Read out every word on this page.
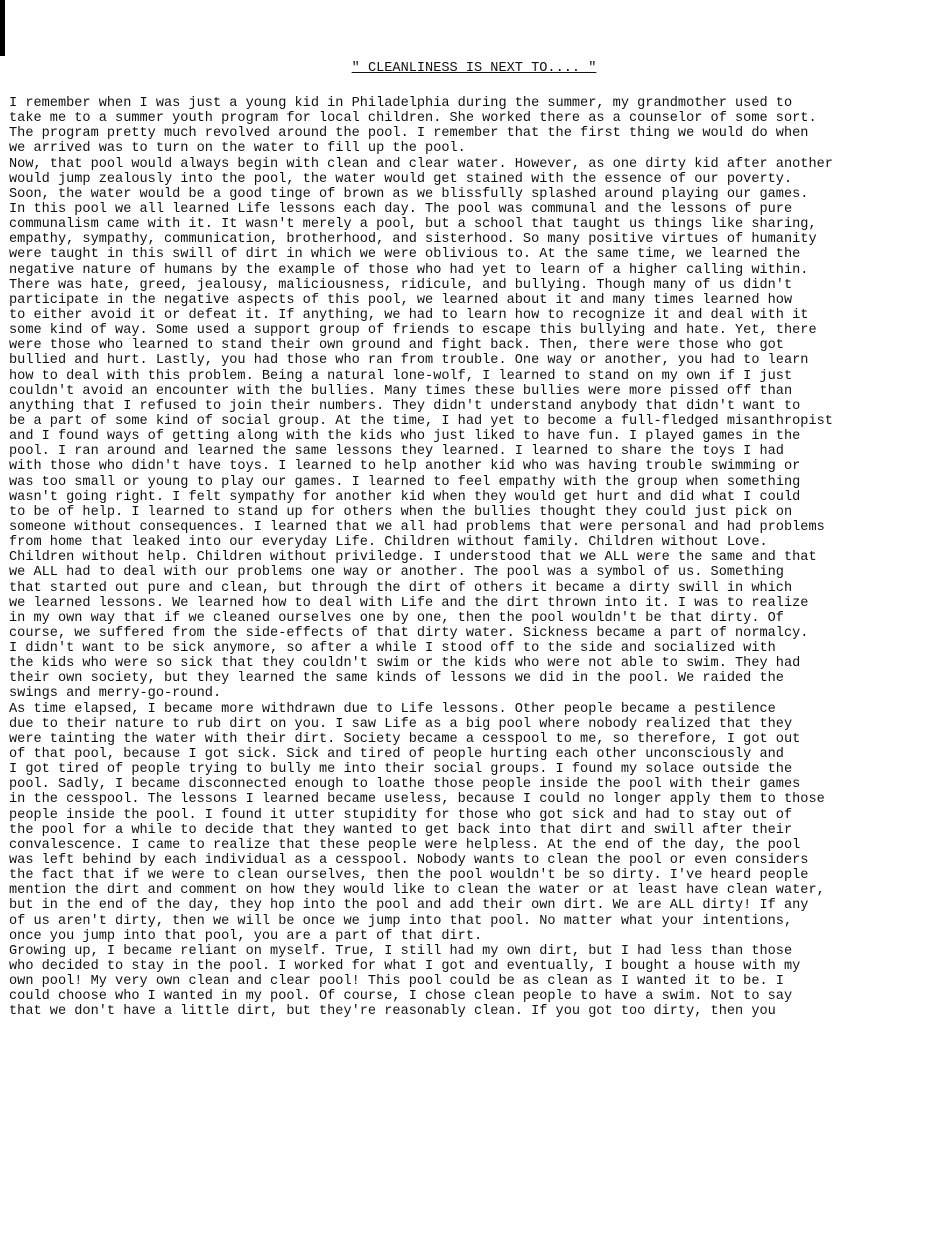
" CLEANLINESS IS NEXT TO.... "
I remember when I was just a young kid in Philadelphia during the summer, my grandmother used to
take me to a summer youth program for local children. She worked there as a counselor of some sort.
The program pretty much revolved around the pool. I remember that the first thing we would do when
we arrived was to turn on the water to fill up the pool.
Now, that pool would always begin with clean and clear water. However, as one dirty kid after another
would jump zealously into the pool, the water would get stained with the essence of our poverty.
Soon, the water would be a good tinge of brown as we blissfully splashed around playing our games.
In this pool we all learned Life lessons each day. The pool was communal and the lessons of pure
communalism came with it. It wasn't merely a pool, but a school that taught us things like sharing,
empathy, sympathy, communication, brotherhood, and sisterhood. So many positive virtues of humanity
were taught in this swill of dirt in which we were oblivious to. At the same time, we learned the
negative nature of humans by the example of those who had yet to learn of a higher calling within.
There was hate, greed, jealousy, maliciousness, ridicule, and bullying. Though many of us didn't
participate in the negative aspects of this pool, we learned about it and many times learned how
to either avoid it or defeat it. If anything, we had to learn how to recognize it and deal with it
some kind of way. Some used a support group of friends to escape this bullying and hate. Yet, there
were those who learned to stand their own ground and fight back. Then, there were those who got
bullied and hurt. Lastly, you had those who ran from trouble. One way or another, you had to learn
how to deal with this problem. Being a natural lone-wolf, I learned to stand on my own if I just
couldn't avoid an encounter with the bullies. Many times these bullies were more pissed off than
anything that I refused to join their numbers. They didn't understand anybody that didn't want to
be a part of some kind of social group. At the time, I had yet to become a full-fledged misanthropist
and I found ways of getting along with the kids who just liked to have fun. I played games in the
pool. I ran around and learned the same lessons they learned. I learned to share the toys I had
with those who didn't have toys. I learned to help another kid who was having trouble swimming or
was too small or young to play our games. I learned to feel empathy with the group when something
wasn't going right. I felt sympathy for another kid when they would get hurt and did what I could
to be of help. I learned to stand up for others when the bullies thought they could just pick on
someone without consequences. I learned that we all had problems that were personal and had problems
from home that leaked into our everyday Life. Children without family. Children without Love.
Children without help. Children without priviledge. I understood that we ALL were the same and that
we ALL had to deal with our problems one way or another. The pool was a symbol of us. Something
that started out pure and clean, but through the dirt of others it became a dirty swill in which
we learned lessons. We learned how to deal with Life and the dirt thrown into it. I was to realize
in my own way that if we cleaned ourselves one by one, then the pool wouldn't be that dirty. Of
course, we suffered from the side-effects of that dirty water. Sickness became a part of normalcy.
I didn't want to be sick anymore, so after a while I stood off to the side and socialized with
the kids who were so sick that they couldn't swim or the kids who were not able to swim. They had
their own society, but they learned the same kinds of lessons we did in the pool. We raided the
swings and merry-go-round.
As time elapsed, I became more withdrawn due to Life lessons. Other people became a pestilence
due to their nature to rub dirt on you. I saw Life as a big pool where nobody realized that they
were tainting the water with their dirt. Society became a cesspool to me, so therefore, I got out
of that pool, because I got sick. Sick and tired of people hurting each other unconsciously and
I got tired of people trying to bully me into their social groups. I found my solace outside the
pool. Sadly, I became disconnected enough to loathe those people inside the pool with their games
in the cesspool. The lessons I learned became useless, because I could no longer apply them to those
people inside the pool. I found it utter stupidity for those who got sick and had to stay out of
the pool for a while to decide that they wanted to get back into that dirt and swill after their
convalescence. I came to realize that these people were helpless. At the end of the day, the pool
was left behind by each individual as a cesspool. Nobody wants to clean the pool or even considers
the fact that if we were to clean ourselves, then the pool wouldn't be so dirty. I've heard people
mention the dirt and comment on how they would like to clean the water or at least have clean water,
but in the end of the day, they hop into the pool and add their own dirt. We are ALL dirty! If any
of us aren't dirty, then we will be once we jump into that pool. No matter what your intentions,
once you jump into that pool, you are a part of that dirt.
Growing up, I became reliant on myself. True, I still had my own dirt, but I had less than those
who decided to stay in the pool. I worked for what I got and eventually, I bought a house with my
own pool! My very own clean and clear pool! This pool could be as clean as I wanted it to be. I
could choose who I wanted in my pool. Of course, I chose clean people to have a swim. Not to say
that we don't have a little dirt, but they're reasonably clean. If you got too dirty, then you
